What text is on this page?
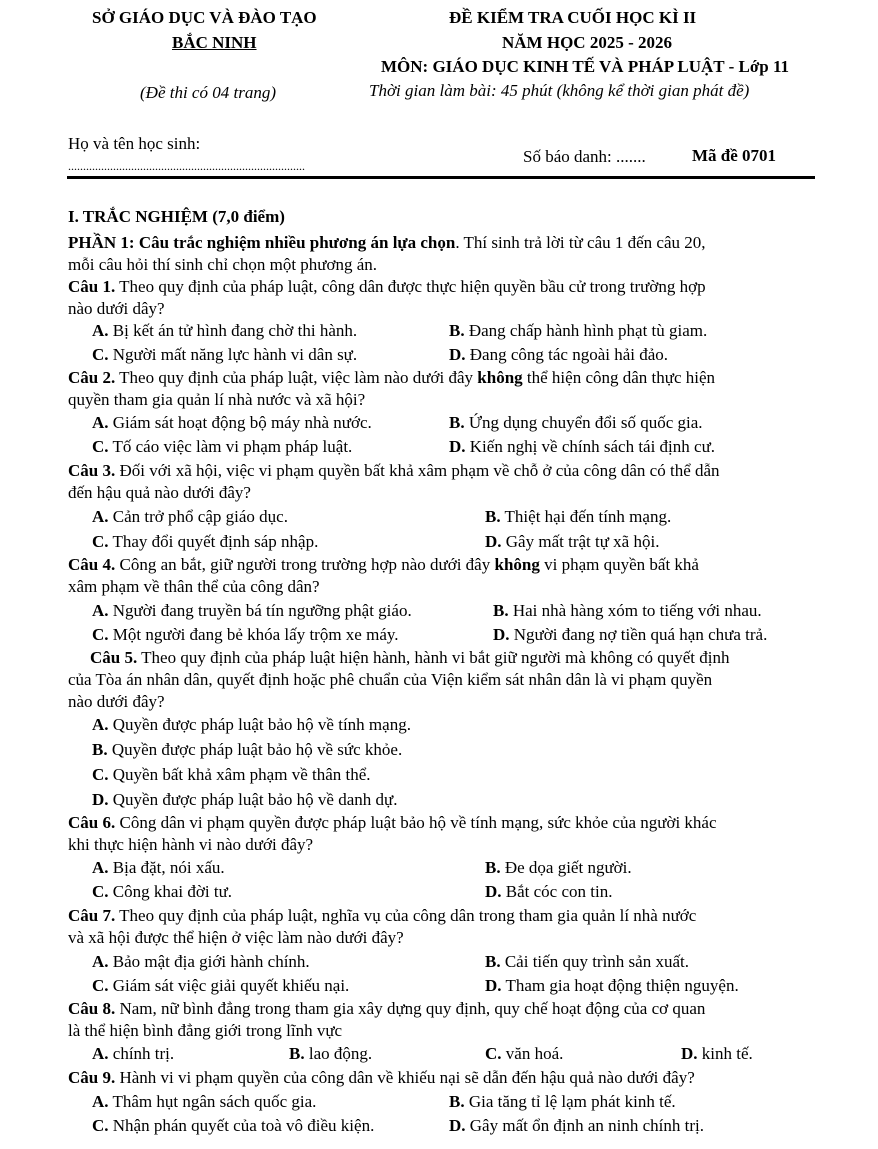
SỞ GIÁO DỤC VÀ ĐÀO TẠO
BẮC NINH
(Đề thi có 04 trang)
ĐỀ KIỂM TRA CUỐI HỌC KÌ II
NĂM HỌC 2025 - 2026
MÔN: GIÁO DỤC KINH TẾ VÀ PHÁP LUẬT - Lớp 11
Thời gian làm bài: 45 phút (không kể thời gian phát đề)
Họ và tên học sinh:
...............................................................................	Số báo danh: .......	Mã đề 0701
I. TRẮC NGHIỆM (7,0 điểm)
PHẦN 1: Câu trắc nghiệm nhiều phương án lựa chọn. Thí sinh trả lời từ câu 1 đến câu 20,
mỗi câu hỏi thí sinh chỉ chọn một phương án.
Câu 1. Theo quy định của pháp luật, công dân được thực hiện quyền bầu cử trong trường hợp
nào dưới dây?
A. Bị kết án tử hình đang chờ thi hành.	B. Đang chấp hành hình phạt tù giam.
C. Người mất năng lực hành vi dân sự.	D. Đang công tác ngoài hải đảo.
Câu 2. Theo quy định của pháp luật, việc làm nào dưới đây không thể hiện công dân thực hiện
quyền tham gia quản lí nhà nước và xã hội?
A. Giám sát hoạt động bộ máy nhà nước.	B. Ứng dụng chuyển đổi số quốc gia.
C. Tố cáo việc làm vi phạm pháp luật.	D. Kiến nghị về chính sách tái định cư.
Câu 3. Đối với xã hội, việc vi phạm quyền bất khả xâm phạm về chỗ ở của công dân có thể dẫn
đến hậu quả nào dưới đây?
A. Cản trở phổ cập giáo dục.	B. Thiệt hại đến tính mạng.
C. Thay đổi quyết định sáp nhập.	D. Gây mất trật tự xã hội.
Câu 4. Công an bắt, giữ người trong trường hợp nào dưới đây không vi phạm quyền bất khả
xâm phạm về thân thể của công dân?
A. Người đang truyền bá tín ngưỡng phật giáo.	B. Hai nhà hàng xóm to tiếng với nhau.
C. Một người đang bẻ khóa lấy trộm xe máy.	D. Người đang nợ tiền quá hạn chưa trả.
Câu 5. Theo quy định của pháp luật hiện hành, hành vi bắt giữ người mà không có quyết định
của Tòa án nhân dân, quyết định hoặc phê chuẩn của Viện kiểm sát nhân dân là vi phạm quyền
nào dưới đây?
A. Quyền được pháp luật bảo hộ về tính mạng.
B. Quyền được pháp luật bảo hộ về sức khỏe.
C. Quyền bất khả xâm phạm về thân thể.
D. Quyền được pháp luật bảo hộ về danh dự.
Câu 6. Công dân vi phạm quyền được pháp luật bảo hộ về tính mạng, sức khỏe của người khác
khi thực hiện hành vi nào dưới đây?
A. Bịa đặt, nói xấu.	B. Đe dọa giết người.
C. Công khai đời tư.	D. Bắt cóc con tin.
Câu 7. Theo quy định của pháp luật, nghĩa vụ của công dân trong tham gia quản lí nhà nước
và xã hội được thể hiện ở việc làm nào dưới đây?
A. Bảo mật địa giới hành chính.	B. Cải tiến quy trình sản xuất.
C. Giám sát việc giải quyết khiếu nại.	D. Tham gia hoạt động thiện nguyện.
Câu 8. Nam, nữ bình đẳng trong tham gia xây dựng quy định, quy chế hoạt động của cơ quan
là thể hiện bình đẳng giới trong lĩnh vực
A. chính trị.	B. lao động.	C. văn hoá.	D. kinh tế.
Câu 9. Hành vi vi phạm quyền của công dân về khiếu nại sẽ dẫn đến hậu quả nào dưới đây?
A. Thâm hụt ngân sách quốc gia.	B. Gia tăng tỉ lệ lạm phát kinh tế.
C. Nhận phán quyết của toà vô điều kiện.	D. Gây mất ổn định an ninh chính trị.
